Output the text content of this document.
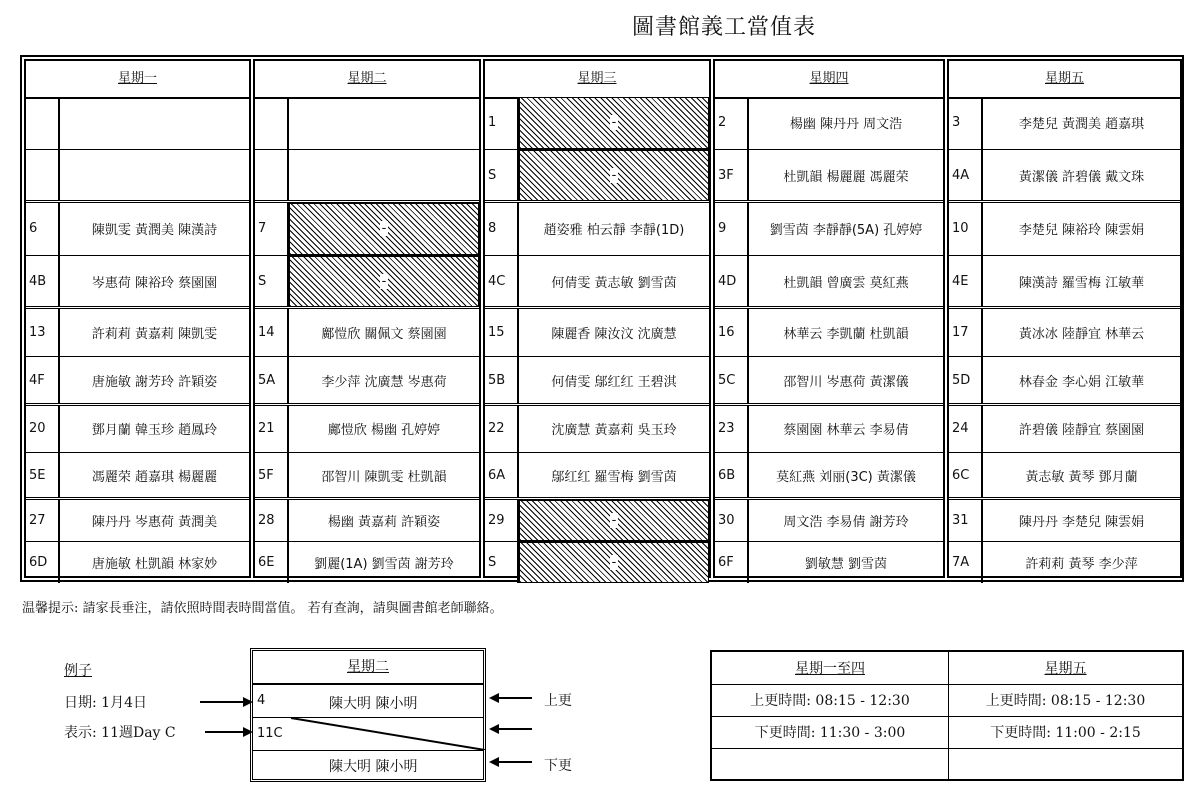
圖書館義工當值表
星期一
6	陳凱雯 黃潤美 陳漢詩
4B	岑惠荷 陳裕玲 蔡園園
13	許莉莉 黃嘉莉 陳凱雯
4F	唐施敏 謝芳玲 許穎姿
20	鄧月蘭 韓玉珍 趙鳳玲
5E	馮麗荣 趙嘉琪 楊麗麗
27	陳丹丹 岑惠荷 黃潤美
6D	唐施敏 杜凱韻 林家妙
星期二
7	-
S	-
14	鄺愷欣 關佩文 蔡園園
5A	李少萍 沈廣慧 岑惠荷
21	鄺愷欣 楊幽 孔婷婷
5F	邵智川 陳凱雯 杜凱韻
28	楊幽 黃嘉莉 許穎姿
6E	劉麗(1A) 劉雪茵 謝芳玲
星期三
1	-
S	-
8	趙姿雅 柏云靜 李靜(1D)
4C	何倩雯 黃志敏 劉雪茵
15	陳麗香 陳汝汶 沈廣慧
5B	何倩雯 鄔红红 王碧淇
22	沈廣慧 黃嘉莉 吳玉玲
6A	鄔红红 羅雪梅 劉雪茵
29	-
S	-
星期四
2	楊幽 陳丹丹 周文浩
3F	杜凱韻 楊麗麗 馮麗荣
9	劉雪茵 李靜靜(5A) 孔婷婷
4D	杜凱韻 曾廣雲 莫紅燕
16	林華云 李凱蘭 杜凱韻
5C	邵智川 岑惠荷 黃潔儀
23	蔡園園 林華云 李易倩
6B	莫紅燕 刘丽(3C) 黃潔儀
30	周文浩 李易倩 謝芳玲
6F	劉敏慧 劉雪茵
星期五
3	李楚兒 黃潤美 趙嘉琪
4A	黃潔儀 許碧儀 戴文珠
10	李楚兒 陳裕玲 陳雲娟
4E	陳漢詩 羅雪梅 江敏華
17	黃冰冰 陸靜宜 林華云
5D	林春金 李心娟 江敏華
24	許碧儀 陸靜宜 蔡園園
6C	黃志敏 黃琴 鄧月蘭
31	陳丹丹 李楚兒 陳雲娟
7A	許莉莉 黃琴 李少萍
温馨提示: 請家長垂注，請依照時間表時間當值。 若有查詢，請與圖書館老師聯絡。
例子
日期: 1月4日
表示: 11週Day C
星期二
4	陳大明 陳小明
11C
陳大明 陳小明
上更
下更
星期一至四	星期五
上更時間: 08:15 - 12:30	上更時間: 08:15 - 12:30
下更時間: 11:30 - 3:00	下更時間: 11:00 - 2:15
